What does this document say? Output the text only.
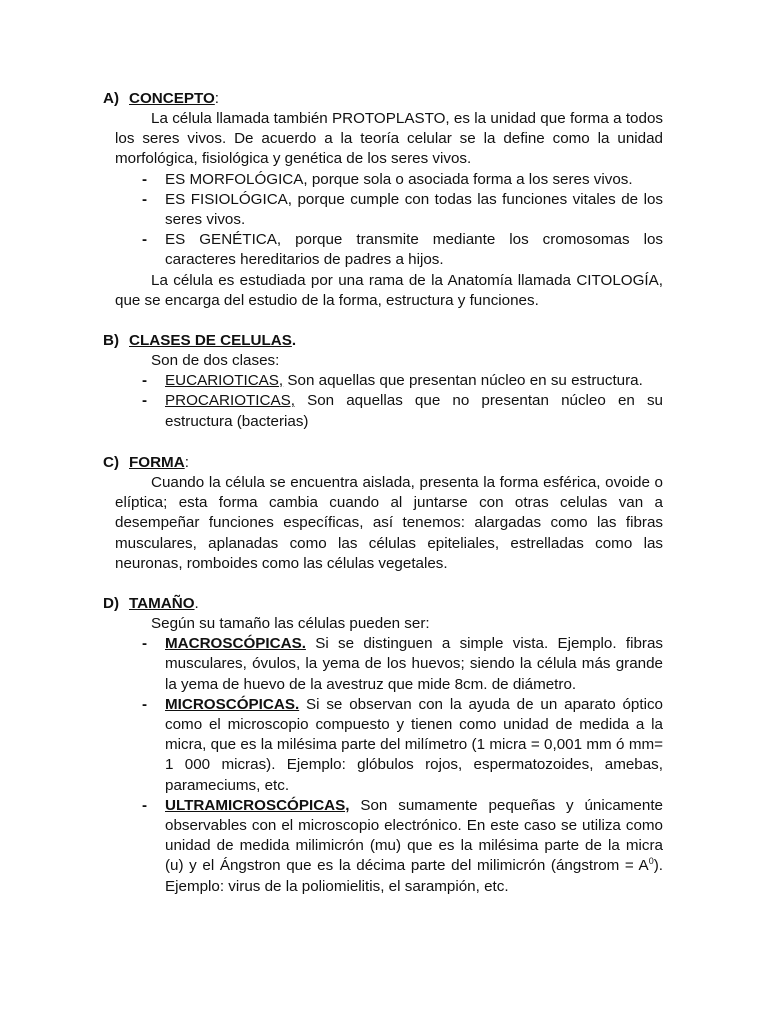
A) CONCEPTO:

La célula llamada también PROTOPLASTO, es la unidad que forma a todos los seres vivos. De acuerdo a la teoría celular se la define como la unidad morfológica, fisiológica y genética de los seres vivos.

- ES MORFOLÓGICA, porque sola o asociada forma a los seres vivos.
- ES FISIOLÓGICA, porque cumple con todas las funciones vitales de los seres vivos.
- ES GENÉTICA, porque transmite mediante los cromosomas los caracteres hereditarios de padres a hijos.

La célula es estudiada por una rama de la Anatomía llamada CITOLOGÍA, que se encarga del estudio de la forma, estructura y funciones.

B) CLASES DE CELULAS.

Son de dos clases:

- EUCARIOTICAS, Son aquellas que presentan núcleo en su estructura.
- PROCARIOTICAS, Son aquellas que no presentan núcleo en su estructura (bacterias)
C) FORMA:

Cuando la célula se encuentra aislada, presenta la forma esférica, ovoide o elíptica; esta forma cambia cuando al juntarse con otras celulas van a desempeñar funciones específicas, así tenemos: alargadas como las fibras musculares, aplanadas como las células epiteliales, estrelladas como las neuronas, romboides como las células vegetales.

D) TAMAÑO.

Según su tamaño las células pueden ser:

- MACROSCÓPICAS. Si se distinguen a simple vista. Ejemplo. fibras musculares, óvulos, la yema de los huevos; siendo la célula más grande la yema de huevo de la avestruz que mide 8cm. de diámetro.
- MICROSCÓPICAS. Si se observan con la ayuda de un aparato óptico como el microscopio compuesto y tienen como unidad de medida a la micra, que es la milésima parte del milímetro (1 micra = 0,001 mm ó mm= 1 000 micras). Ejemplo: glóbulos rojos, espermatozoides, amebas, parameciums, etc.
- ULTRAMICROSCÓPICAS, Son sumamente pequeñas y únicamente observables con el microscopio electrónico. En este caso se utiliza como unidad de medida milimicrón (mu) que es la milésima parte de la micra (u) y el Ángstron que es la décima parte del milimicrón (ángstrom = $A^0$). Ejemplo: virus de la poliomielitis, el sarampión, etc.
